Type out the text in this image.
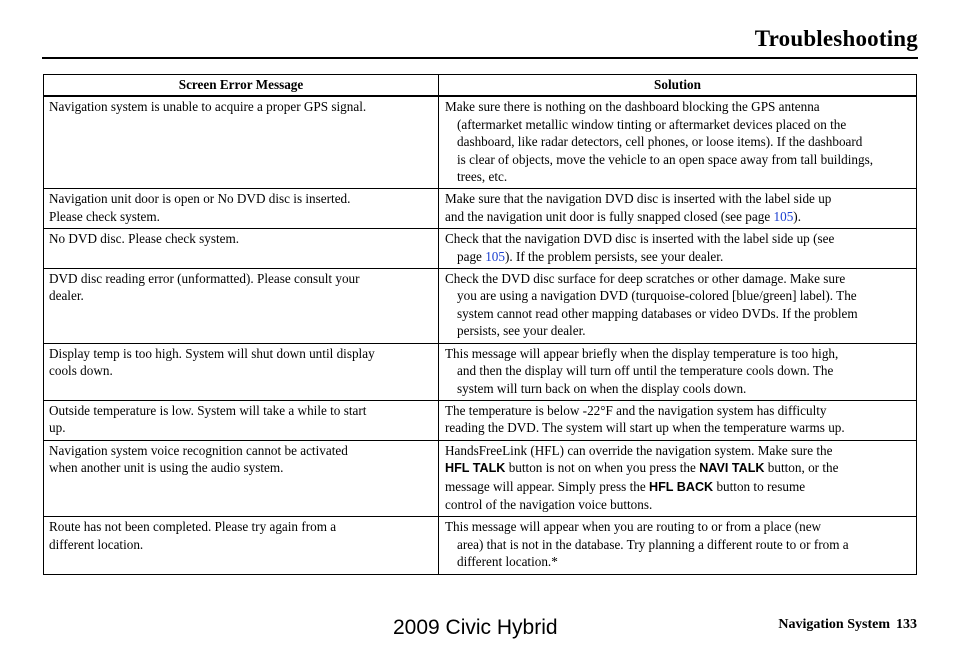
Troubleshooting
Screen Error Message	Solution
Navigation system is unable to acquire a proper GPS signal.	Make sure there is nothing on the dashboard blocking the GPS antenna
(aftermarket metallic window tinting or aftermarket devices placed on the
dashboard, like radar detectors, cell phones, or loose items). If the dashboard
is clear of objects, move the vehicle to an open space away from tall buildings,
trees, etc.

Navigation unit door is open or No DVD disc is inserted.
Please check system.	Make sure that the navigation DVD disc is inserted with the label side up
and the navigation unit door is fully snapped closed (see page 105).

No DVD disc. Please check system.	Check that the navigation DVD disc is inserted with the label side up (see
page 105). If the problem persists, see your dealer.

DVD disc reading error (unformatted). Please consult your
dealer.	Check the DVD disc surface for deep scratches or other damage. Make sure
you are using a navigation DVD (turquoise-colored [blue/green] label). The
system cannot read other mapping databases or video DVDs. If the problem
persists, see your dealer.

Display temp is too high. System will shut down until display
cools down.	This message will appear briefly when the display temperature is too high,
and then the display will turn off until the temperature cools down. The
system will turn back on when the display cools down.

Outside temperature is low. System will take a while to start
up.	The temperature is below -22°F and the navigation system has difficulty
reading the DVD. The system will start up when the temperature warms up.

Navigation system voice recognition cannot be activated
when another unit is using the audio system.	HandsFreeLink (HFL) can override the navigation system. Make sure the
HFL TALK button is not on when you press the NAVI TALK button, or the
message will appear. Simply press the HFL BACK button to resume
control of the navigation voice buttons.

Route has not been completed. Please try again from a
different location.	This message will appear when you are routing to or from a place (new
area) that is not in the database. Try planning a different route to or from a
different location.*
Navigation System 133
2009 Civic Hybrid
